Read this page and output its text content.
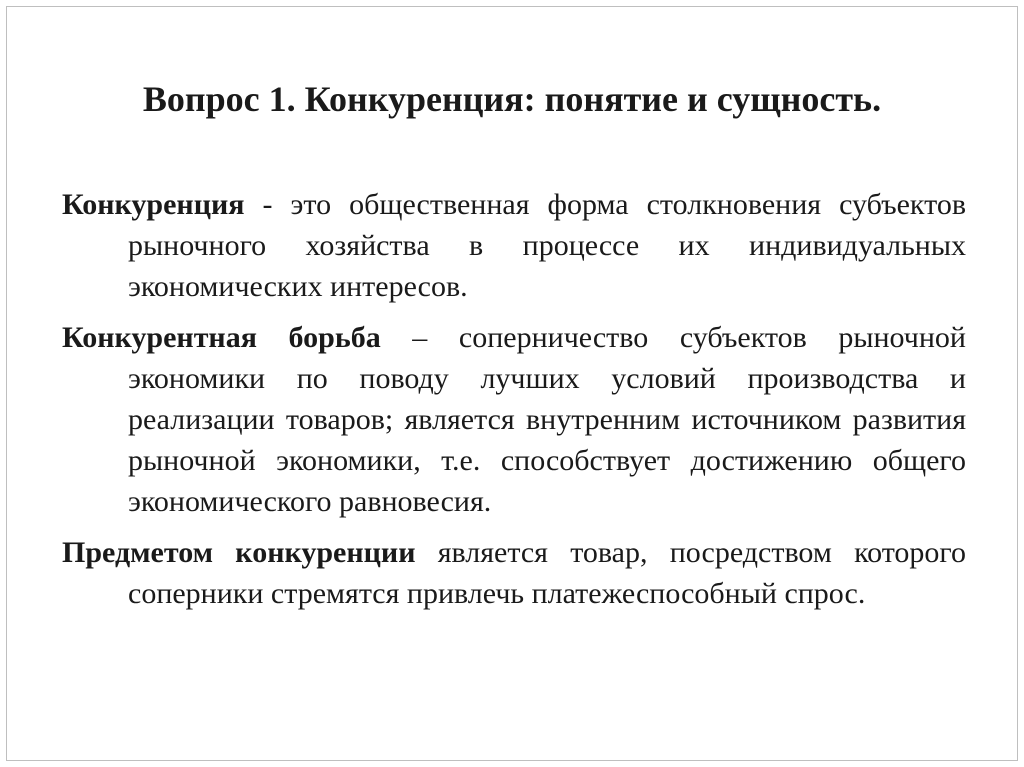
Вопрос 1. Конкуренция: понятие и сущность.

Конкуренция - это общественная форма столкновения субъектов рыночного хозяйства в процессе их индивидуальных экономических интересов.

Конкурентная борьба – соперничество субъектов рыночной экономики по поводу лучших условий производства и реализации товаров; является внутренним источником развития рыночной экономики, т.е. способствует достижению общего экономического равновесия.

Предметом конкуренции является товар, посредством которого соперники стремятся привлечь платежеспособный спрос.
